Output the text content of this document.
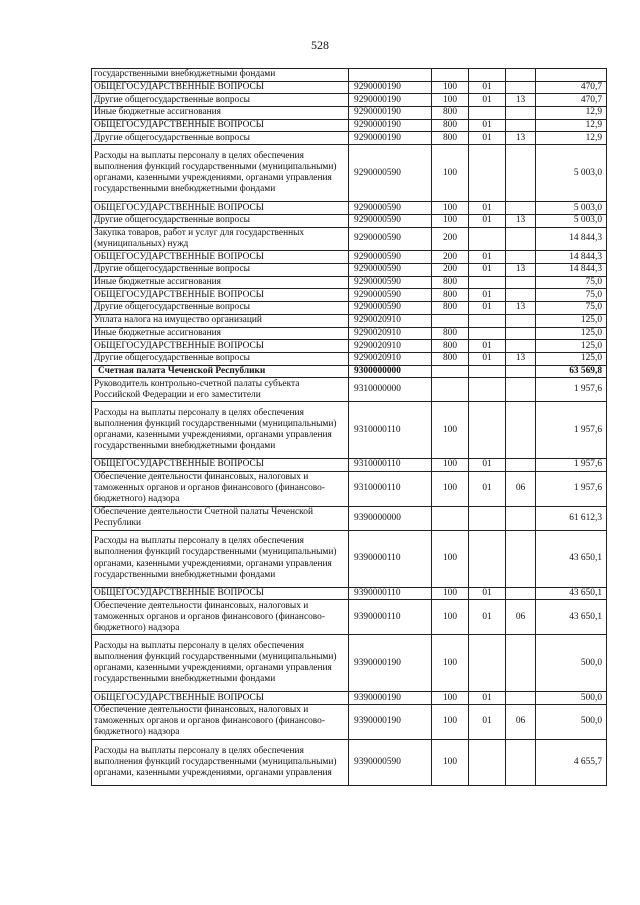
528
государственными внебюджетными фондами					
ОБЩЕГОСУДАРСТВЕННЫЕ ВОПРОСЫ	9290000190	100	01		470,7
Другие общегосударственные вопросы	9290000190	100	01	13	470,7
Иные бюджетные ассигнования	9290000190	800			12,9
ОБЩЕГОСУДАРСТВЕННЫЕ ВОПРОСЫ	9290000190	800	01		12,9
Другие общегосударственные вопросы	9290000190	800	01	13	12,9
Расходы на выплаты персоналу в целях обеспечения выполнения функций государственными (муниципальными) органами, казенными учреждениями, органами управления государственными внебюджетными фондами	9290000590	100			5 003,0
ОБЩЕГОСУДАРСТВЕННЫЕ ВОПРОСЫ	9290000590	100	01		5 003,0
Другие общегосударственные вопросы	9290000590	100	01	13	5 003,0
Закупка товаров, работ и услуг для государственных (муниципальных) нужд	9290000590	200			14 844,3
ОБЩЕГОСУДАРСТВЕННЫЕ ВОПРОСЫ	9290000590	200	01		14 844,3
Другие общегосударственные вопросы	9290000590	200	01	13	14 844,3
Иные бюджетные ассигнования	9290000590	800			75,0
ОБЩЕГОСУДАРСТВЕННЫЕ ВОПРОСЫ	9290000590	800	01		75,0
Другие общегосударственные вопросы	9290000590	800	01	13	75,0
Уплата налога на имущество организаций	9290020910				125,0
Иные бюджетные ассигнования	9290020910	800			125,0
ОБЩЕГОСУДАРСТВЕННЫЕ ВОПРОСЫ	9290020910	800	01		125,0
Другие общегосударственные вопросы	9290020910	800	01	13	125,0
Счетная палата Чеченской Республики	9300000000				63 569,8
Руководитель контрольно-счетной палаты субъекта Российской Федерации и его заместители	9310000000				1 957,6
Расходы на выплаты персоналу в целях обеспечения выполнения функций государственными (муниципальными) органами, казенными учреждениями, органами управления государственными внебюджетными фондами	9310000110	100			1 957,6
ОБЩЕГОСУДАРСТВЕННЫЕ ВОПРОСЫ	9310000110	100	01		1 957,6
Обеспечение деятельности финансовых, налоговых и таможенных органов и органов финансового (финансово-бюджетного) надзора	9310000110	100	01	06	1 957,6
Обеспечение деятельности Счетной палаты Чеченской Республики	9390000000				61 612,3
Расходы на выплаты персоналу в целях обеспечения выполнения функций государственными (муниципальными) органами, казенными учреждениями, органами управления государственными внебюджетными фондами	9390000110	100			43 650,1
ОБЩЕГОСУДАРСТВЕННЫЕ ВОПРОСЫ	9390000110	100	01		43 650,1
Обеспечение деятельности финансовых, налоговых и таможенных органов и органов финансового (финансово-бюджетного) надзора	9390000110	100	01	06	43 650,1
Расходы на выплаты персоналу в целях обеспечения выполнения функций государственными (муниципальными) органами, казенными учреждениями, органами управления государственными внебюджетными фондами	9390000190	100			500,0
ОБЩЕГОСУДАРСТВЕННЫЕ ВОПРОСЫ	9390000190	100	01		500,0
Обеспечение деятельности финансовых, налоговых и таможенных органов и органов финансового (финансово-бюджетного) надзора	9390000190	100	01	06	500,0
Расходы на выплаты персоналу в целях обеспечения выполнения функций государственными (муниципальными) органами, казенными учреждениями, органами управления	9390000590	100			4 655,7
